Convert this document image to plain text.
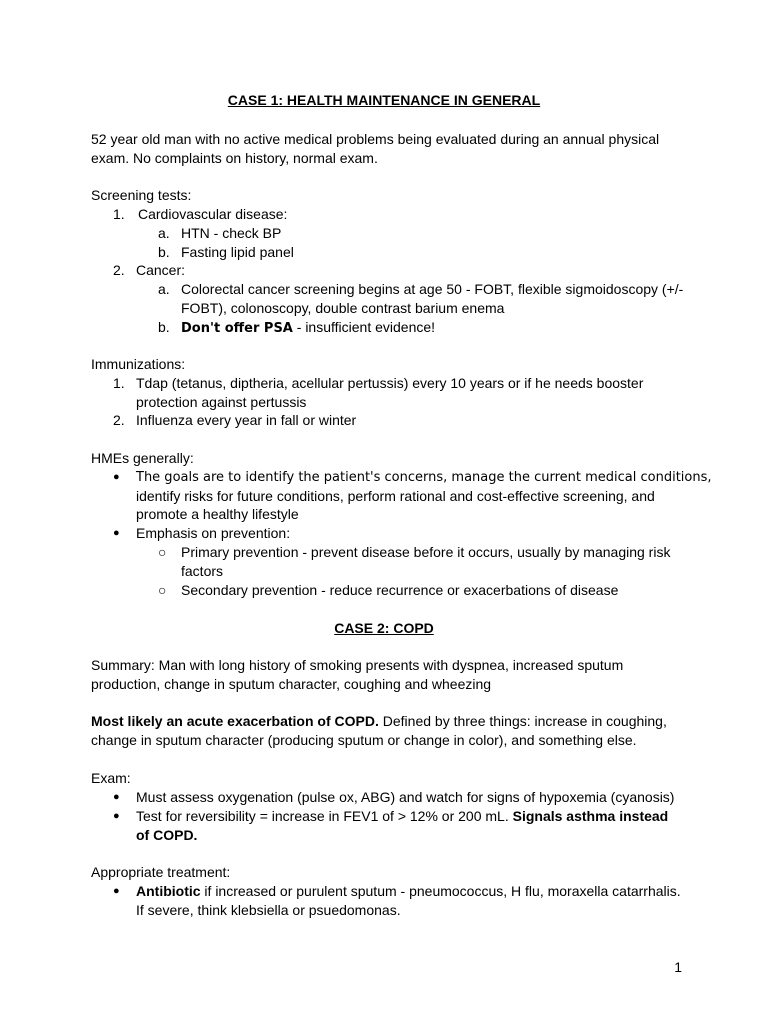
CASE 1: HEALTH MAINTENANCE IN GENERAL
52 year old man with no active medical problems being evaluated during an annual physical
exam. No complaints on history, normal exam.
Screening tests:
1. Cardiovascular disease:
a. HTN - check BP
b. Fasting lipid panel
2. Cancer:
a. Colorectal cancer screening begins at age 50 - FOBT, flexible sigmoidoscopy (+/-
FOBT), colonoscopy, double contrast barium enema
b. Don't offer PSA - insufficient evidence!
Immunizations:
1. Tdap (tetanus, diptheria, acellular pertussis) every 10 years or if he needs booster
protection against pertussis
2. Influenza every year in fall or winter
HMEs generally:
● The goals are to identify the patient's concerns, manage the current medical conditions,
identify risks for future conditions, perform rational and cost-effective screening, and
promote a healthy lifestyle
● Emphasis on prevention:
○ Primary prevention - prevent disease before it occurs, usually by managing risk
factors
○ Secondary prevention - reduce recurrence or exacerbations of disease
CASE 2: COPD
Summary: Man with long history of smoking presents with dyspnea, increased sputum
production, change in sputum character, coughing and wheezing
Most likely an acute exacerbation of COPD. Defined by three things: increase in coughing,
change in sputum character (producing sputum or change in color), and something else.
Exam:
● Must assess oxygenation (pulse ox, ABG) and watch for signs of hypoxemia (cyanosis)
● Test for reversibility = increase in FEV1 of > 12% or 200 mL. Signals asthma instead
of COPD.
Appropriate treatment:
● Antibiotic if increased or purulent sputum - pneumococcus, H flu, moraxella catarrhalis.
If severe, think klebsiella or psuedomonas.
1
